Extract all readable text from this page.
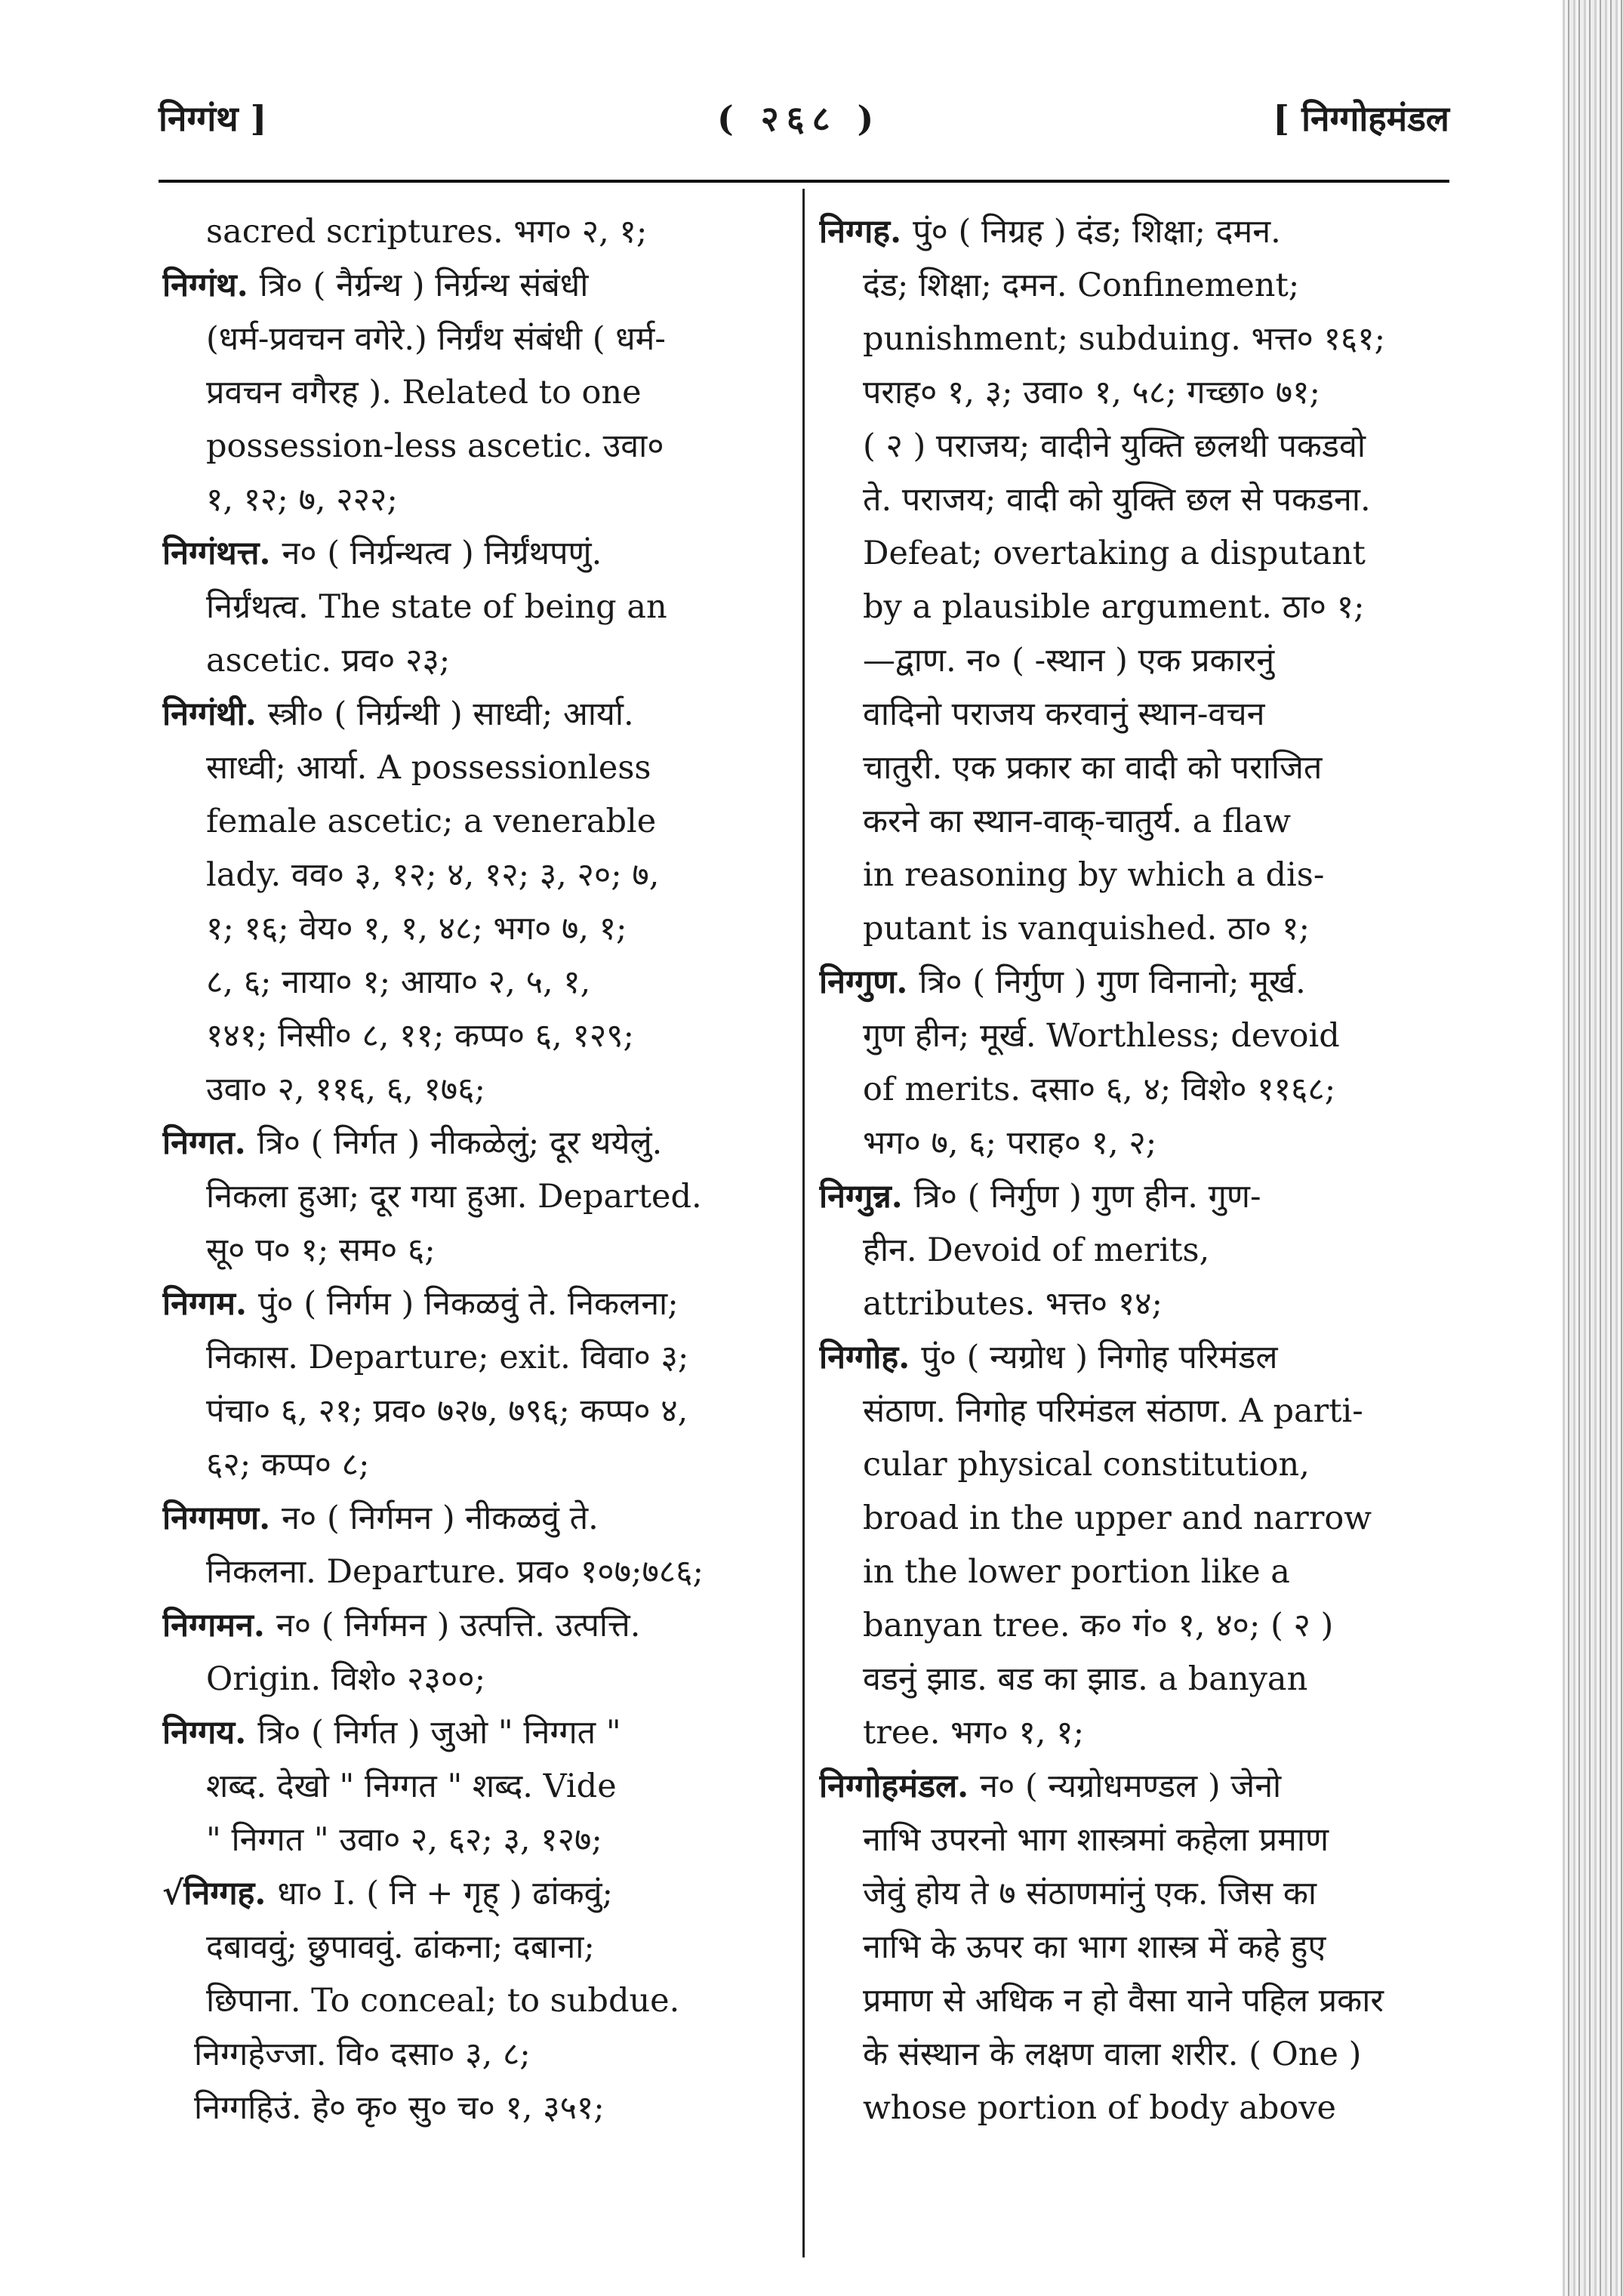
निग्गंथ ]	( २६८ )	[ निग्गोहमंडल
sacred scriptures. भग० २, १;
निग्गंथ. त्रि० ( नैर्ग्रन्थ ) निर्ग्रन्थ संबंधी
(धर्म-प्रवचन वगेरे.) निर्ग्रंथ संबंधी ( धर्म-
प्रवचन वगैरह ). Related to one
possession-less ascetic. उवा०
१, १२; ७, २२२;
निग्गंथत्त. न० ( निर्ग्रन्थत्व ) निर्ग्रंथपणुं.
निर्ग्रंथत्व. The state of being an
ascetic. प्रव० २३;
निग्गंथी. स्त्री० ( निर्ग्रन्थी ) साध्वी; आर्या.
साध्वी; आर्या. A possessionless
female ascetic; a venerable
lady. वव० ३, १२; ४, १२; ३, २०; ७,
१; १६; वेय० १, १, ४८; भग० ७, १;
८, ६; नाया० १; आया० २, ५, १,
१४१; निसी० ८, ११; कप्प० ६, १२९;
उवा० २, ११६, ६, १७६;
निग्गत. त्रि० ( निर्गत ) नीकळेलुं; दूर थयेलुं.
निकला हुआ; दूर गया हुआ. Departed.
सू० प० १; सम० ६;
निग्गम. पुं० ( निर्गम ) निकळवुं ते. निकलना;
निकास. Departure; exit. विवा० ३;
पंचा० ६, २१; प्रव० ७२७, ७९६; कप्प० ४,
६२; कप्प० ८;
निग्गमण. न० ( निर्गमन ) नीकळवुं ते.
निकलना. Departure. प्रव० १०७;७८६;
निग्गमन. न० ( निर्गमन ) उत्पत्ति. उत्पत्ति.
Origin. विशे० २३००;
निग्गय. त्रि० ( निर्गत ) जुओ " निग्गत "
शब्द. देखो " निग्गत " शब्द. Vide
" निग्गत " उवा० २, ६२; ३, १२७;
√निग्गह. धा० I. ( नि + गृह् ) ढांकवुं;
दबाववुं; छुपाववुं. ढांकना; दबाना;
छिपाना. To conceal; to subdue.
निग्गहेज्जा. वि० दसा० ३, ८;
निग्गहिउं. हे० कृ० सु० च० १, ३५१;
निग्गह. पुं० ( निग्रह ) दंड; शिक्षा; दमन.
दंड; शिक्षा; दमन. Confinement;
punishment; subduing. भत्त० १६१;
पराह० १, ३; उवा० १, ५८; गच्छा० ७१;
( २ ) पराजय; वादीने युक्ति छलथी पकडवो
ते. पराजय; वादी को युक्ति छल से पकडना.
Defeat; overtaking a disputant
by a plausible argument. ठा० १;
—द्वाण. न० ( -स्थान ) एक प्रकारनुं
वादिनो पराजय करवानुं स्थान-वचन
चातुरी. एक प्रकार का वादी को पराजित
करने का स्थान-वाक्-चातुर्य. a flaw
in reasoning by which a dis-
putant is vanquished. ठा० १;
निग्गुण. त्रि० ( निर्गुण ) गुण विनानो; मूर्ख.
गुण हीन; मूर्ख. Worthless; devoid
of merits. दसा० ६, ४; विशे० ११६८;
भग० ७, ६; पराह० १, २;
निग्गुन्न. त्रि० ( निर्गुण ) गुण हीन. गुण-
हीन. Devoid of merits,
attributes. भत्त० १४;
निग्गोह. पुं० ( न्यग्रोध ) निगोह परिमंडल
संठाण. निगोह परिमंडल संठाण. A parti-
cular physical constitution,
broad in the upper and narrow
in the lower portion like a
banyan tree. क० गं० १, ४०; ( २ )
वडनुं झाड. बड का झाड. a banyan
tree. भग० १, १;
निग्गोहमंडल. न० ( न्यग्रोधमण्डल ) जेनो
नाभि उपरनो भाग शास्त्रमां कहेला प्रमाण
जेवुं होय ते ७ संठाणमांनुं एक. जिस का
नाभि के ऊपर का भाग शास्त्र में कहे हुए
प्रमाण से अधिक न हो वैसा याने पहिल प्रकार
के संस्थान के लक्षण वाला शरीर. ( One )
whose portion of body above
